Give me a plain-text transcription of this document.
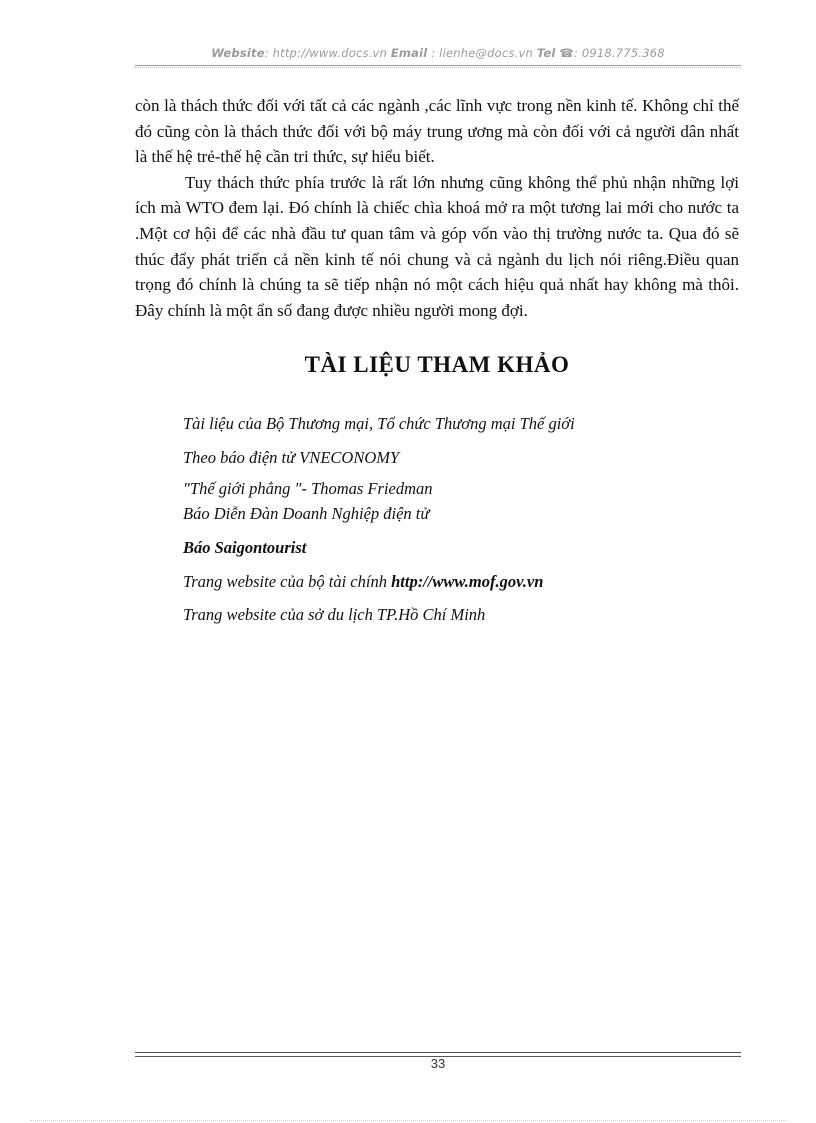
Website: http://www.docs.vn Email : lienhe@docs.vn Tel ☎: 0918.775.368

còn là thách thức đối với tất cả các ngành ,các lĩnh vực trong nền kinh tế. Không chỉ thế đó cũng còn là thách thức đối với bộ máy trung ương mà còn đối với cả người dân nhất là thế hệ trẻ-thế hệ cần tri thức, sự hiểu biết.

Tuy thách thức phía trước là rất lớn nhưng cũng không thể phủ nhận những lợi ích mà WTO đem lại. Đó chính là chiếc chìa khoá mở ra một tương lai mới cho nước ta .Một cơ hội để các nhà đầu tư quan tâm và góp vốn vào thị trường nước ta. Qua đó sẽ thúc đẩy phát triển cả nền kinh tế nói chung và cả ngành du lịch nói riêng.Điều quan trọng đó chính là chúng ta sẽ tiếp nhận nó một cách hiệu quả nhất hay không mà thôi. Đây chính là một ẩn số đang được nhiều người mong đợi.

TÀI LIỆU THAM KHẢO
Tài liệu của Bộ Thương mại, Tổ chức Thương mại Thế giới
Theo báo điện tử VNECONOMY
"Thế giới phẳng "- Thomas Friedman
Báo Diễn Đàn Doanh Nghiệp điện tử
Báo Saigontourist
Trang website của bộ tài chính http://www.mof.gov.vn
Trang website của sở du lịch TP.Hồ Chí Minh
33
